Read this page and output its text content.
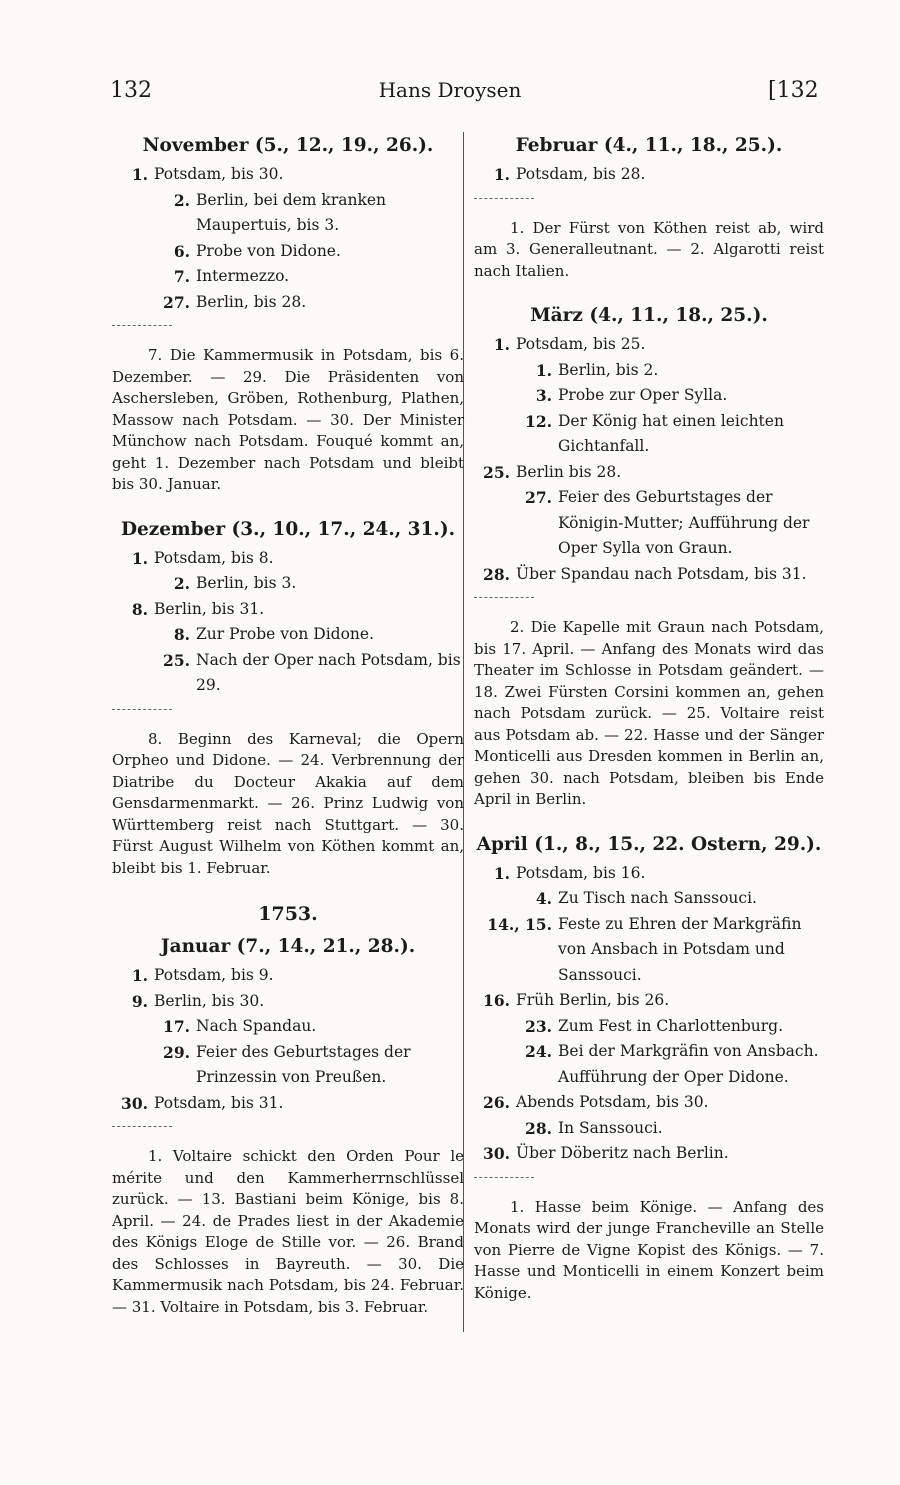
132	Hans Droysen	[132
November (5., 12., 19., 26.).
1. Potsdam, bis 30.
2. Berlin, bei dem kranken Maupertuis, bis 3.
6. Probe von Didone.
7. Intermezzo.
27. Berlin, bis 28.

7. Die Kammermusik in Potsdam, bis 6. Dezember. — 29. Die Präsidenten von Aschersleben, Gröben, Rothenburg, Plathen, Massow nach Potsdam. — 30. Der Minister Münchow nach Potsdam. Fouqué kommt an, geht 1. Dezember nach Potsdam und bleibt bis 30. Januar.

Dezember (3., 10., 17., 24., 31.).
1. Potsdam, bis 8.
2. Berlin, bis 3.
8. Berlin, bis 31.
8. Zur Probe von Didone.
25. Nach der Oper nach Potsdam, bis 29.

8. Beginn des Karneval; die Opern Orpheo und Didone. — 24. Verbrennung der Diatribe du Docteur Akakia auf dem Gensdarmenmarkt. — 26. Prinz Ludwig von Württemberg reist nach Stuttgart. — 30. Fürst August Wilhelm von Köthen kommt an, bleibt bis 1. Februar.

1753.
Januar (7., 14., 21., 28.).
1. Potsdam, bis 9.
9. Berlin, bis 30.
17. Nach Spandau.
29. Feier des Geburtstages der Prinzessin von Preußen.
30. Potsdam, bis 31.

1. Voltaire schickt den Orden Pour le mérite und den Kammerherrnschlüssel zurück. — 13. Bastiani beim Könige, bis 8. April. — 24. de Prades liest in der Akademie des Königs Eloge de Stille vor. — 26. Brand des Schlosses in Bayreuth. — 30. Die Kammermusik nach Potsdam, bis 24. Februar. — 31. Voltaire in Potsdam, bis 3. Februar.

Februar (4., 11., 18., 25.).
1. Potsdam, bis 28.

1. Der Fürst von Köthen reist ab, wird am 3. Generalleutnant. — 2. Algarotti reist nach Italien.

März (4., 11., 18., 25.).
1. Potsdam, bis 25.
1. Berlin, bis 2.
3. Probe zur Oper Sylla.
12. Der König hat einen leichten Gichtanfall.
25. Berlin bis 28.
27. Feier des Geburtstages der Königin-Mutter; Aufführung der Oper Sylla von Graun.
28. Über Spandau nach Potsdam, bis 31.

2. Die Kapelle mit Graun nach Potsdam, bis 17. April. — Anfang des Monats wird das Theater im Schlosse in Potsdam geändert. — 18. Zwei Fürsten Corsini kommen an, gehen nach Potsdam zurück. — 25. Voltaire reist aus Potsdam ab. — 22. Hasse und der Sänger Monticelli aus Dresden kommen in Berlin an, gehen 30. nach Potsdam, bleiben bis Ende April in Berlin.

April (1., 8., 15., 22. Ostern, 29.).
1. Potsdam, bis 16.
4. Zu Tisch nach Sanssouci.
14., 15. Feste zu Ehren der Markgräfin von Ansbach in Potsdam und Sanssouci.
16. Früh Berlin, bis 26.
23. Zum Fest in Charlottenburg.
24. Bei der Markgräfin von Ansbach. Aufführung der Oper Didone.
26. Abends Potsdam, bis 30.
28. In Sanssouci.
30. Über Döberitz nach Berlin.

1. Hasse beim Könige. — Anfang des Monats wird der junge Francheville an Stelle von Pierre de Vigne Kopist des Königs. — 7. Hasse und Monticelli in einem Konzert beim Könige.
